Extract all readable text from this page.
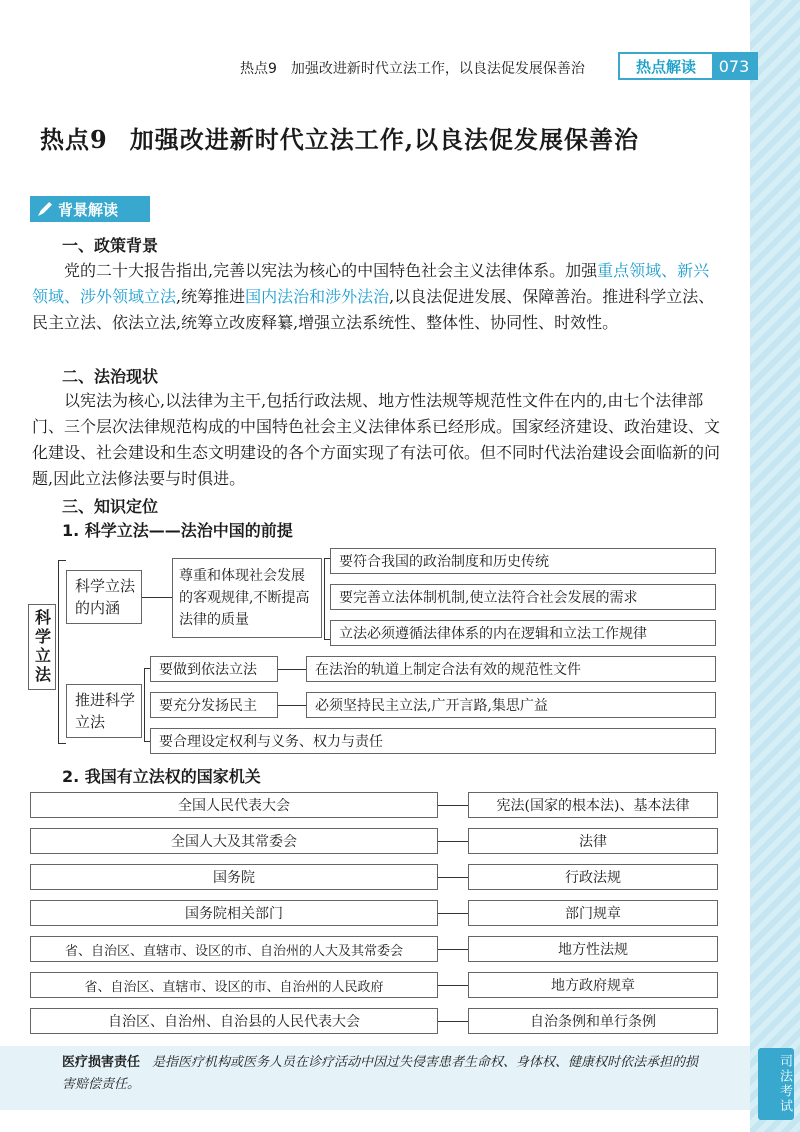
司法考试
热点9　加强改进新时代立法工作，以良法促发展保善治	热点解读	073
热点9 加强改进新时代立法工作,以良法促发展保善治
背景解读
一、政策背景
党的二十大报告指出,完善以宪法为核心的中国特色社会主义法律体系。加强重点领域、新兴领域、涉外领域立法,统筹推进国内法治和涉外法治,以良法促进发展、保障善治。推进科学立法、民主立法、依法立法,统筹立改废释纂,增强立法系统性、整体性、协同性、时效性。
二、法治现状
以宪法为核心,以法律为主干,包括行政法规、地方性法规等规范性文件在内的,由七个法律部门、三个层次法律规范构成的中国特色社会主义法律体系已经形成。国家经济建设、政治建设、文化建设、社会建设和生态文明建设的各个方面实现了有法可依。但不同时代法治建设会面临新的问题,因此立法修法要与时俱进。
三、知识定位
1. 科学立法——法治中国的前提
科学立法
科学立法的内涵
尊重和体现社会发展的客观规律,不断提高法律的质量
要符合我国的政治制度和历史传统
要完善立法体制机制,使立法符合社会发展的需求
立法必须遵循法律体系的内在逻辑和立法工作规律
推进科学立法
要做到依法立法	在法治的轨道上制定合法有效的规范性文件
要充分发扬民主	必须坚持民主立法,广开言路,集思广益
要合理设定权利与义务、权力与责任
2. 我国有立法权的国家机关
全国人民代表大会	宪法(国家的根本法)、基本法律
全国人大及其常委会	法律
国务院	行政法规
国务院相关部门	部门规章
省、自治区、直辖市、设区的市、自治州的人大及其常委会	地方性法规
省、自治区、直辖市、设区的市、自治州的人民政府	地方政府规章
自治区、自治州、自治县的人民代表大会	自治条例和单行条例
医疗损害责任 是指医疗机构或医务人员在诊疗活动中因过失侵害患者生命权、身体权、健康权时依法承担的损害赔偿责任。
